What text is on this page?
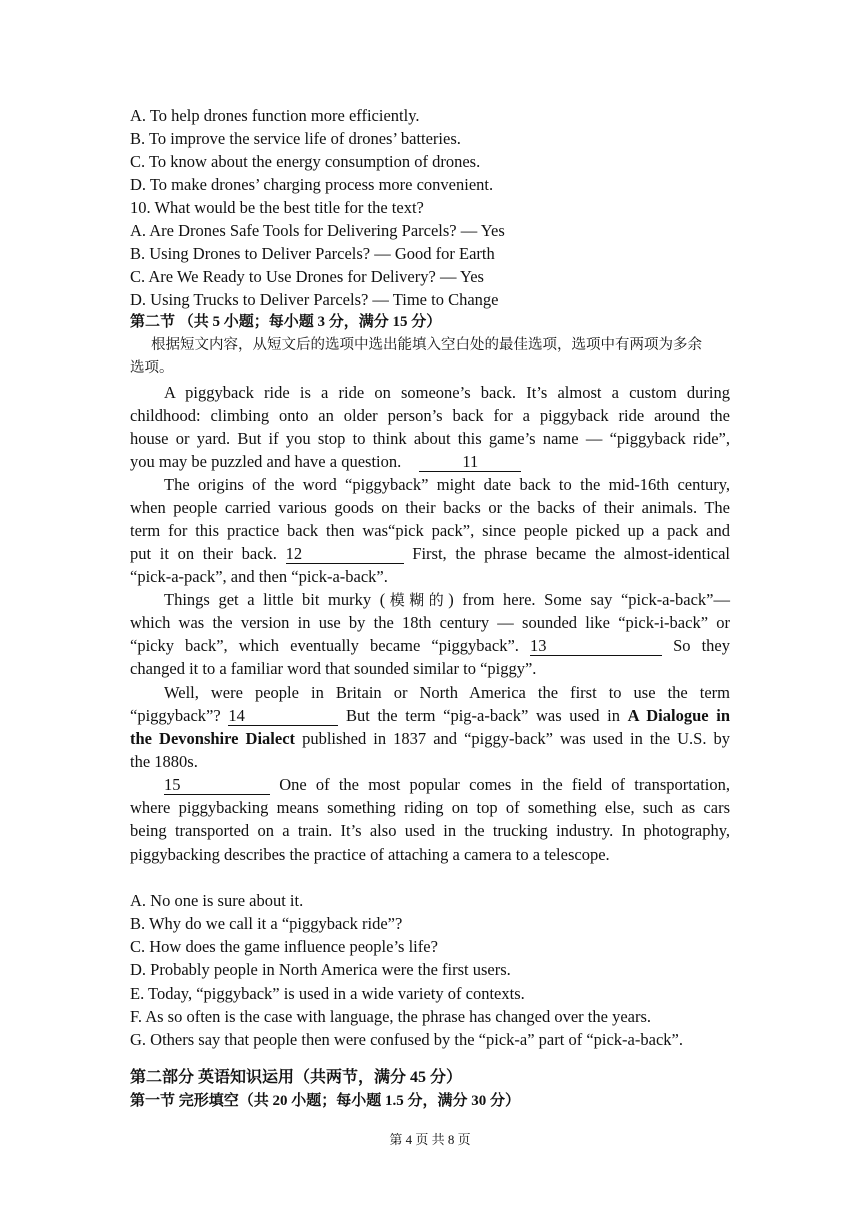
A. To help drones function more efficiently.
B. To improve the service life of drones’ batteries.
C. To know about the energy consumption of drones.
D. To make drones’ charging process more convenient.
10. What would be the best title for the text?
A. Are Drones Safe Tools for Delivering Parcels? — Yes
B. Using Drones to Deliver Parcels? — Good for Earth
C. Are We Ready to Use Drones for Delivery? — Yes
D. Using Trucks to Deliver Parcels? — Time to Change
第二节 （共 5 小题；每小题 3 分，满分 15 分）
根据短文内容，从短文后的选项中选出能填入空白处的最佳选项，选项中有两项为多余
选项。
A piggyback ride is a ride on someone’s back. It’s almost a custom during
childhood: climbing onto an older person’s back for a piggyback ride around the
house or yard. But if you stop to think about this game’s name — “piggyback ride”,
you may be puzzled and have a question.	11
The origins of the word “piggyback” might date back to the mid-16th century,
when people carried various goods on their backs or the backs of their animals. The
term for this practice back then was“pick pack”, since people picked up a pack and
put it on their back. 12	First, the phrase became the almost-identical
“pick-a-pack”, and then “pick-a-back”.
Things get a little bit murky (模糊的) from here. Some say “pick-a-back”—
which was the version in use by the 18th century — sounded like “pick-i-back” or
“picky back”, which eventually became “piggyback”. 13	So they
changed it to a familiar word that sounded similar to “piggy”.
Well, were people in Britain or North America the first to use the term
“piggyback”? 14	But the term “pig-a-back” was used in A Dialogue in
the Devonshire Dialect published in 1837 and “piggy-back” was used in the U.S. by
the 1880s.
15	One of the most popular comes in the field of transportation,
where piggybacking means something riding on top of something else, such as cars
being transported on a train. It’s also used in the trucking industry. In photography,
piggybacking describes the practice of attaching a camera to a telescope.
A. No one is sure about it.
B. Why do we call it a “piggyback ride”?
C. How does the game influence people’s life?
D. Probably people in North America were the first users.
E. Today, “piggyback” is used in a wide variety of contexts.
F. As so often is the case with language, the phrase has changed over the years.
G. Others say that people then were confused by the “pick-a” part of “pick-a-back”.
第二部分 英语知识运用（共两节，满分 45 分）
第一节 完形填空（共 20 小题；每小题 1.5 分，满分 30 分）
第 4 页 共 8 页
